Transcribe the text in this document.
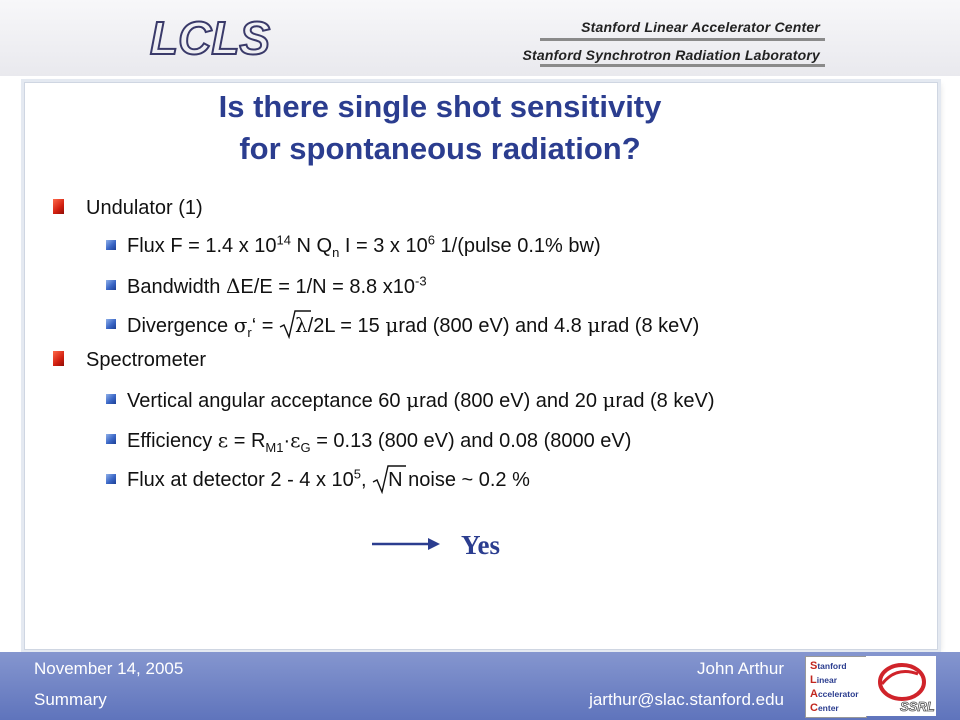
LCLS	Stanford Linear Accelerator Center
Stanford Synchrotron Radiation Laboratory
Is there single shot sensitivity
for spontaneous radiation?
Undulator (1)
Flux F = 1.4 x $10^{14}$ N $Q_n$ I = 3 x $10^6$ 1/(pulse 0.1% bw)
Bandwidth ΔE/E = 1/N = 8.8 $x10^{-3}$
Divergence $\sigma_r‘$ =
λ/2L = 15 μrad (800 eV) and 4.8 μrad (8 keV)
Spectrometer
Vertical angular acceptance 60 μrad (800 eV) and 20 μrad (8 keV)
Efficiency $\varepsilon = R_{M1}\cdot\varepsilon_G = 0.13$ (800 eV) and 0.08 (8000 eV)
Flux at detector 2 - 4 x $10^5$,
N noise ~ 0.2 %
Yes
November 14, 2005
Summary
John Arthur
jarthur@slac.stanford.edu
Stanford
Linear
Accelerator
Center	SSRL
